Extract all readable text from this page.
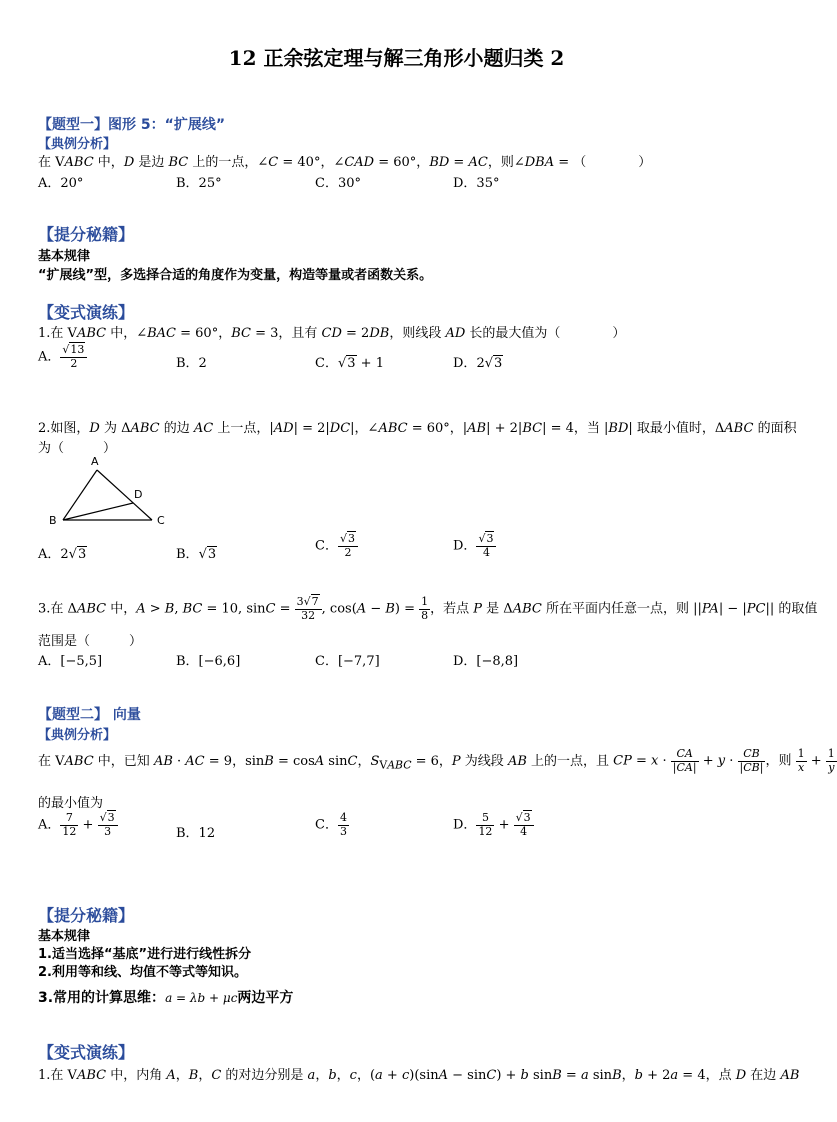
12 正余弦定理与解三角形小题归类 2
【题型一】图形 5：“扩展线”
【典例分析】
在 VABC 中，D 是边 BC 上的一点，∠C = 40°，∠CAD = 60°，BD = AC，则∠DBA = （　　　　）
A．20°	B．25°	C．30°	D．35°
【提分秘籍】
基本规律
“扩展线”型，多选择合适的角度作为变量，构造等量或者函数关系。
【变式演练】
1.在 VABC 中，∠BAC = 60°，BC = 3，且有 CD = 2DB，则线段 AD 长的最大值为（　　　　）
A． $\frac{√13}{2}$	B．2	C．√3 + 1	D．2√3
2.如图，D 为 ΔABC 的边 AC 上一点，|AD| = 2|DC|，∠ABC = 60°，|AB| + 2|BC| = 4，当 |BD| 取最小值时，ΔABC 的面积
为（　　　）
A
B	C
D
A．2√3	B．√3
C． $\frac{√3}{2}$	D． $\frac{√3}{4}$
3.在 ΔABC 中，A > B, BC = 10, $\sin C = \frac{3√7}{32}$ , $\cos(A - B) = \frac{1}{8}$ ，若点 P 是 ΔABC 所在平面内任意一点，则 ||PA| − |PC|| 的取值
范围是（　　　）
A．[−5,5]	B．[−6,6]	C．[−7,7]	D．[−8,8]
【题型二】 向量
【典例分析】
在 VABC 中，已知 AB · AC = 9，sinB = cosA sinC，$S_{VABC} = 6$，P 为线段 AB 上的一点，且 CP = $x \cdot \frac{CA}{|CA|} + y \cdot \frac{CB}{|CB|}$ ，则 $\frac{1}{x} + \frac{1}{y}$
的最小值为
A． $\frac{7}{12} + \frac{√3}{3}$	B．12
C． $\frac{4}{3}$	D． $\frac{5}{12} + \frac{√3}{4}$
【提分秘籍】
基本规律
1.适当选择“基底”进行进行线性拆分
2.利用等和线、均值不等式等知识。
3.常用的计算思维：a = λb + μc两边平方
【变式演练】
1.在 VABC 中，内角 A，B，C 的对边分别是 a，b，c，(a + c)(sinA − sinC) + b sinB = a sinB，b + 2a = 4，点 D 在边 AB
